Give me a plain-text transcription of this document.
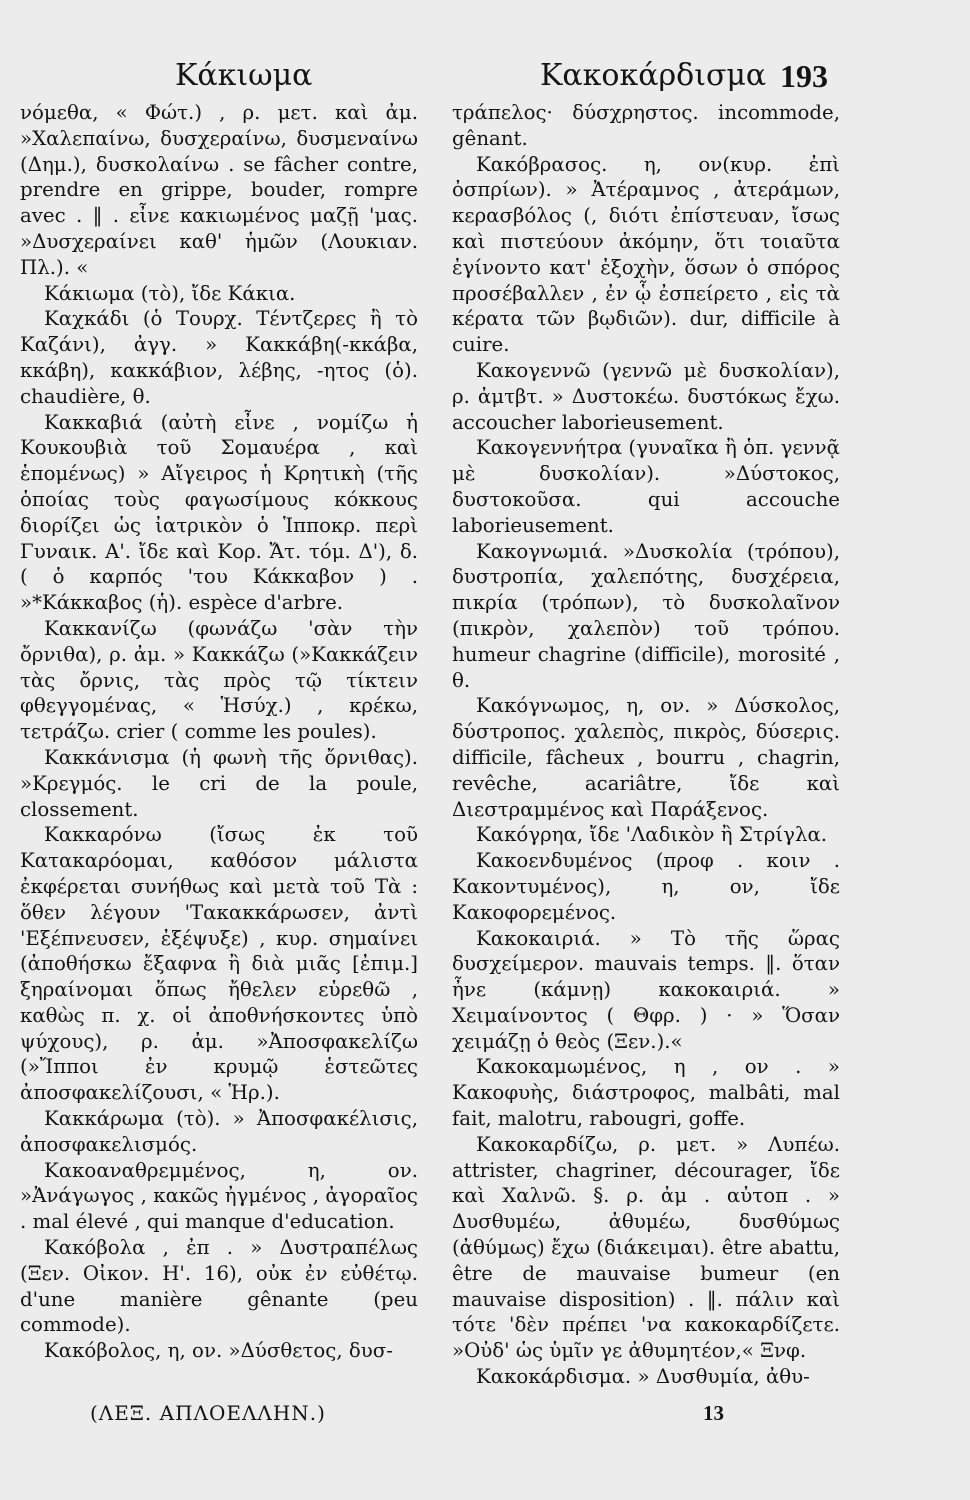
Κάκιωμα	Κακοκάρδισμα 193

νόμεθα, « Φώτ.) , ρ. μετ. καὶ ἀμ. »Χαλεπαίνω, δυσχεραίνω, δυσμεναίνω (Δημ.), δυσκολαίνω . se fâcher contre, prendre en grippe, bouder, rompre avec . ‖ . εἶνε κακιωμένος μαζῇ 'μας. »Δυσχεραίνει καθ' ἡμῶν (Λουκιαν. Πλ.). «

Κάκιωμα (τὸ), ἴδε Κάκια.

Καχκάδι (ὁ Τουρχ. Τέντζερες ἢ τὸ Καζάνι), ἀγγ. » Κακκάβη(-κκάβα, κκάβη), κακκάβιον, λέβης, -ητος (ὁ). chaudière, θ.

Κακκαβιά (αὐτὴ εἶνε , νομίζω ἡ Κουκουβιὰ τοῦ Σομαυέρα , καὶ ἑπομένως) » Αἴγειρος ἡ Κρητικὴ (τῆς ὁποίας τοὺς φαγωσίμους κόκκους διορίζει ὡς ἰατρικὸν ὁ Ἱπποκρ. περὶ Γυναικ. Α'. ἴδε καὶ Κορ. Ἄτ. τόμ. Δ'), δ. ( ὁ καρπός 'του Κάκκαβον ) . »*Κάκκαβος (ἡ). espèce d'arbre.

Κακκανίζω (φωνάζω 'σὰν τὴν ὄρνιθα), ρ. ἀμ. » Κακκάζω (»Κακκάζειν τὰς ὄρνις, τὰς πρὸς τῷ τίκτειν φθεγγομένας, « Ἡσύχ.) , κρέκω, τετράζω. crier ( comme les poules).

Κακκάνισμα (ἡ φωνὴ τῆς ὄρνιθας). »Κρεγμός. le cri de la poule, clossement.

Κακκαρόνω (ἴσως ἐκ τοῦ Κατακαρόομαι, καθόσον μάλιστα ἐκφέρεται συνήθως καὶ μετὰ τοῦ Τὰ : ὅθεν λέγουν 'Τακακκάρωσεν, ἀντὶ 'Εξέπνευσεν, ἐξέψυξε) , κυρ. σημαίνει (ἀποθήσκω ἔξαφνα ἢ διὰ μιᾶς [ἐπιμ.] ξηραίνομαι ὅπως ἤθελεν εὑρεθῶ , καθὼς π. χ. οἱ ἀποθνήσκοντες ὑπὸ ψύχους), ρ. ἀμ. »Ἀποσφακελίζω (»Ἴπποι ἐν κρυμῷ ἑστεῶτες ἀποσφακελίζουσι, « Ἡρ.).

Κακκάρωμα (τὸ). » Ἀποσφακέλισις, ἀποσφακελισμός.

Κακοαναθρεμμένος, η, ον. »Ἀνάγωγος , κακῶς ἠγμένος , ἀγοραῖος . mal élevé , qui manque d'education.

Κακόβολα , ἐπ . » Δυστραπέλως (Ξεν. Οἰκον. Η'. 16), οὐκ ἐν εὐθέτῳ. d'une manière gênante (peu commode).

Κακόβολος, η, ον. »Δύσθετος, δυσ-

τράπελος· δύσχρηστος. incommode, gênant.

Κακόβρασος. η, ον(κυρ. ἐπὶ ὀσπρίων). » Ἀτέραμνος , ἀτεράμων, κερασβόλος (, διότι ἐπίστευαν, ἴσως καὶ πιστεύουν ἀκόμην, ὅτι τοιαῦτα ἐγίνοντο κατ' ἐξοχὴν, ὅσων ὁ σπόρος προσέβαλλεν , ἐν ᾧ ἐσπείρετο , εἰς τὰ κέρατα τῶν βῳδιῶν). dur, difficile à cuire.

Κακογεννῶ (γεννῶ μὲ δυσκολίαν), ρ. ἀμτβτ. » Δυστοκέω. δυστόκως ἔχω. accoucher laborieusement.

Κακογεννήτρα (γυναῖκα ἢ ὁπ. γεννᾷ μὲ δυσκολίαν). »Δύστοκος, δυστοκοῦσα. qui accouche laborieusement.

Κακογνωμιά. »Δυσκολία (τρόπου), δυστροπία, χαλεπότης, δυσχέρεια, πικρία (τρόπων), τὸ δυσκολαῖνον (πικρὸν, χαλεπὸν) τοῦ τρόπου. humeur chagrine (difficile), morosité , θ.

Κακόγνωμος, η, ον. » Δύσκολος, δύστροπος. χαλεπὸς, πικρὸς, δύσερις. difficile, fâcheux , bourru , chagrin, revêche, acariâtre, ἴδε καὶ Διεστραμμένος καὶ Παράξενος.

Κακόγρηα, ἴδε 'Λαδικὸν ἢ Στρίγλα.

Κακοενδυμένος (προφ . κοιν . Κακοντυμένος), η, ον, ἴδε Κακοφορεμένος.

Κακοκαιριά. » Τὸ τῆς ὥρας δυσχείμερον. mauvais temps. ‖. ὅταν ἦνε (κάμνῃ) κακοκαιριά. » Χειμαίνοντος ( Θφρ. ) · » Ὅσαν χειμάζῃ ὁ θεὸς (Ξεν.).«

Κακοκαμωμένος, η , ον . » Κακοφυὴς, διάστροφος, malbâti, mal fait, malotru, rabougri, goffe.

Κακοκαρδίζω, ρ. μετ. » Λυπέω. attrister, chagriner, décourager, ἴδε καὶ Χαλνῶ. §. ρ. ἀμ . αὐτοπ . » Δυσθυμέω, ἀθυμέω, δυσθύμως (ἀθύμως) ἔχω (διάκειμαι). être abattu, être de mauvaise bumeur (en mauvaise disposition) . ‖. πάλιν καὶ τότε 'δὲν πρέπει 'να κακοκαρδίζετε. »Οὐδ' ὡς ὑμῖν γε ἀθυμητέον,« Ξνφ.

Κακοκάρδισμα. » Δυσθυμία, ἀθυ-

(ΛΕΞ. ΑΠΛΟΕΛΛΗΝ.)	13
